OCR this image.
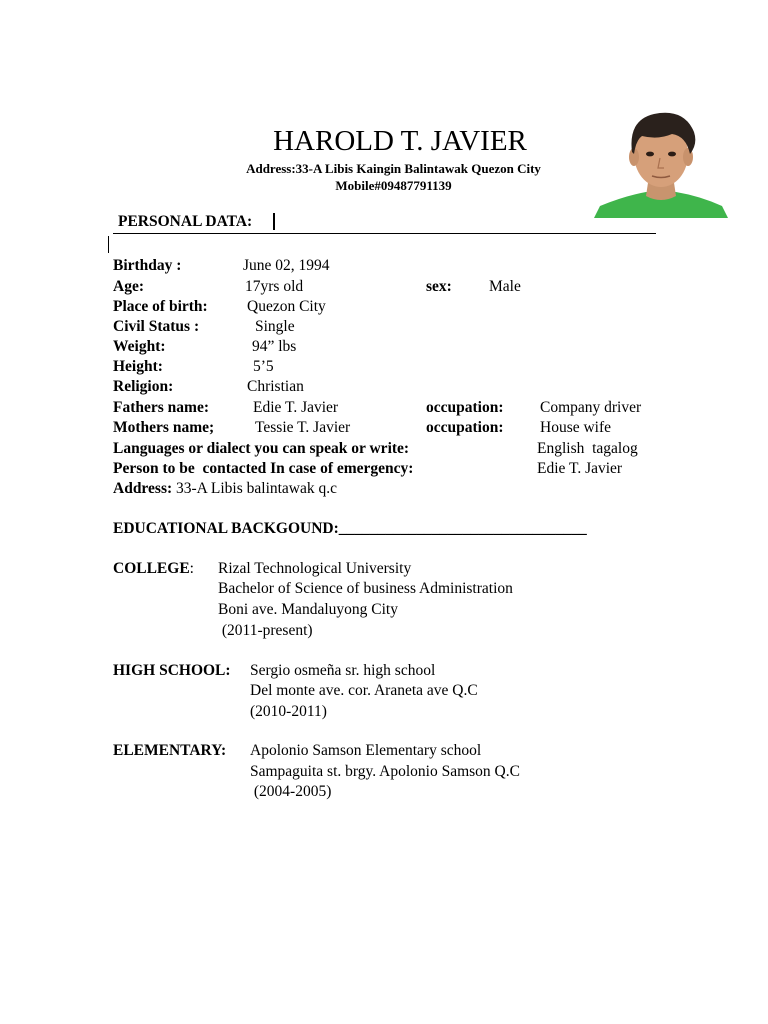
HAROLD T. JAVIER
Address:33-A Libis Kaingin Balintawak Quezon City
Mobile#09487791139
PERSONAL DATA:
Birthday :	June 02, 1994
Age:	17yrs old	sex: Male
Place of birth:	Quezon City
Civil Status :	Single
Weight:	94” lbs
Height:	5’5
Religion:	Christian
Fathers name:	Edie T. Javier	occupation: Company driver
Mothers name;	Tessie T. Javier	occupation: House wife
Languages or dialect you can speak or write:	English  tagalog
Person to be  contacted In case of emergency:	Edie T. Javier
Address: 33-A Libis balintawak q.c
EDUCATIONAL BACKGOUND:________________________________
COLLEGE: Rizal Technological University
Bachelor of Science of business Administration
Boni ave. Mandaluyong City
(2011-present)
HIGH SCHOOL: Sergio osmeña sr. high school
Del monte ave. cor. Araneta ave Q.C
(2010-2011)
ELEMENTARY: Apolonio Samson Elementary school
Sampaguita st. brgy. Apolonio Samson Q.C
(2004-2005)
